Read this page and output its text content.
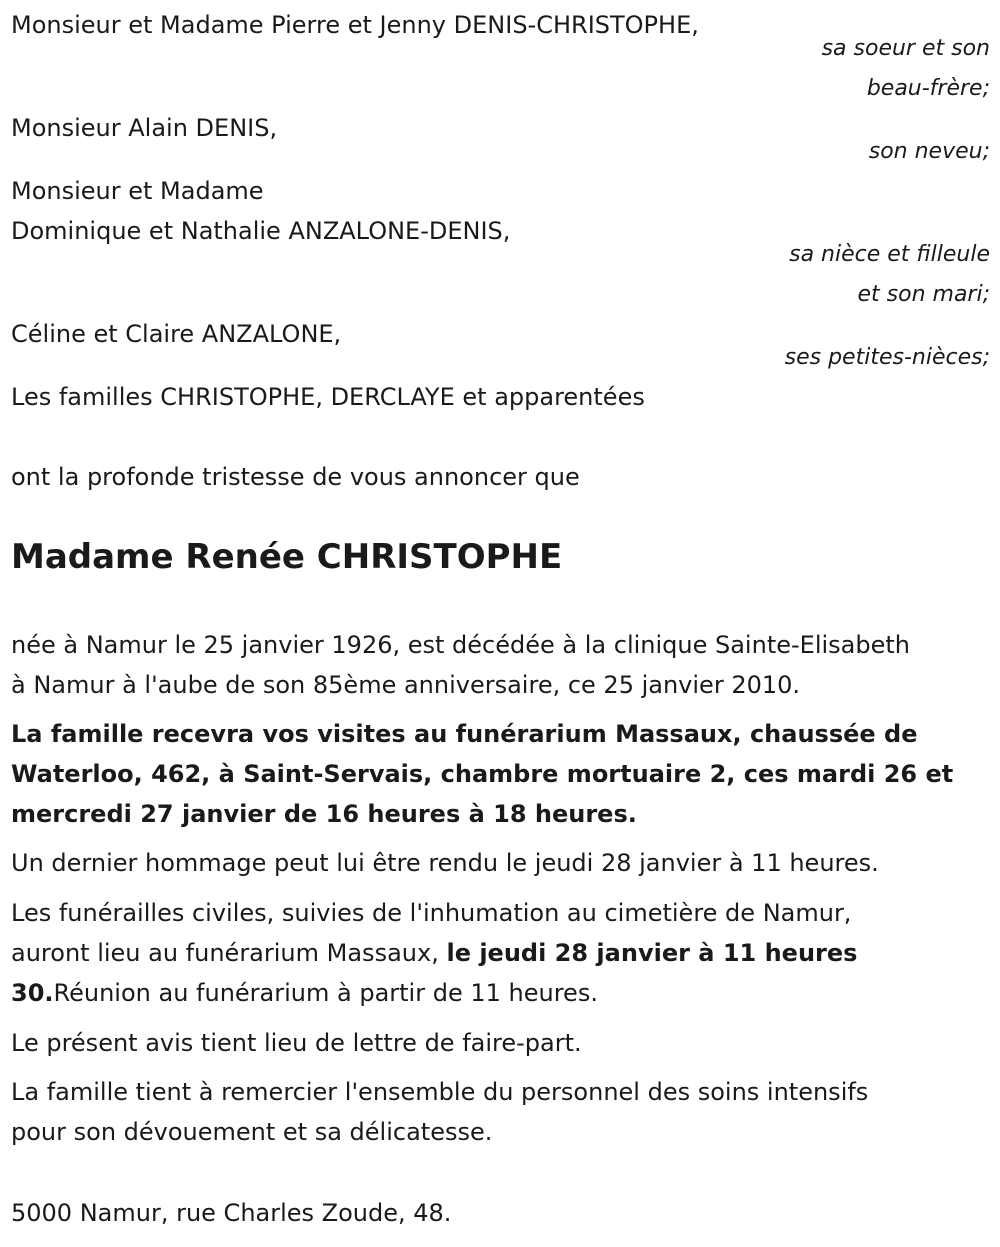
Monsieur et Madame Pierre et Jenny DENIS-CHRISTOPHE,
sa soeur et son
beau-frère;
Monsieur Alain DENIS,
son neveu;
Monsieur et Madame
Dominique et Nathalie ANZALONE-DENIS,
sa nièce et filleule
et son mari;
Céline et Claire ANZALONE,
ses petites-nièces;
Les familles CHRISTOPHE, DERCLAYE et apparentées
ont la profonde tristesse de vous annoncer que
Madame Renée CHRISTOPHE
née à Namur le 25 janvier 1926, est décédée à la clinique Sainte-Elisabeth
à Namur à l'aube de son 85ème anniversaire, ce 25 janvier 2010.
La famille recevra vos visites au funérarium Massaux, chaussée de
Waterloo, 462, à Saint-Servais, chambre mortuaire 2, ces mardi 26 et
mercredi 27 janvier de 16 heures à 18 heures.
Un dernier hommage peut lui être rendu le jeudi 28 janvier à 11 heures.
Les funérailles civiles, suivies de l'inhumation au cimetière de Namur,
auront lieu au funérarium Massaux, le jeudi 28 janvier à 11 heures
30.Réunion au funérarium à partir de 11 heures.
Le présent avis tient lieu de lettre de faire-part.
La famille tient à remercier l'ensemble du personnel des soins intensifs
pour son dévouement et sa délicatesse.
5000 Namur, rue Charles Zoude, 48.
